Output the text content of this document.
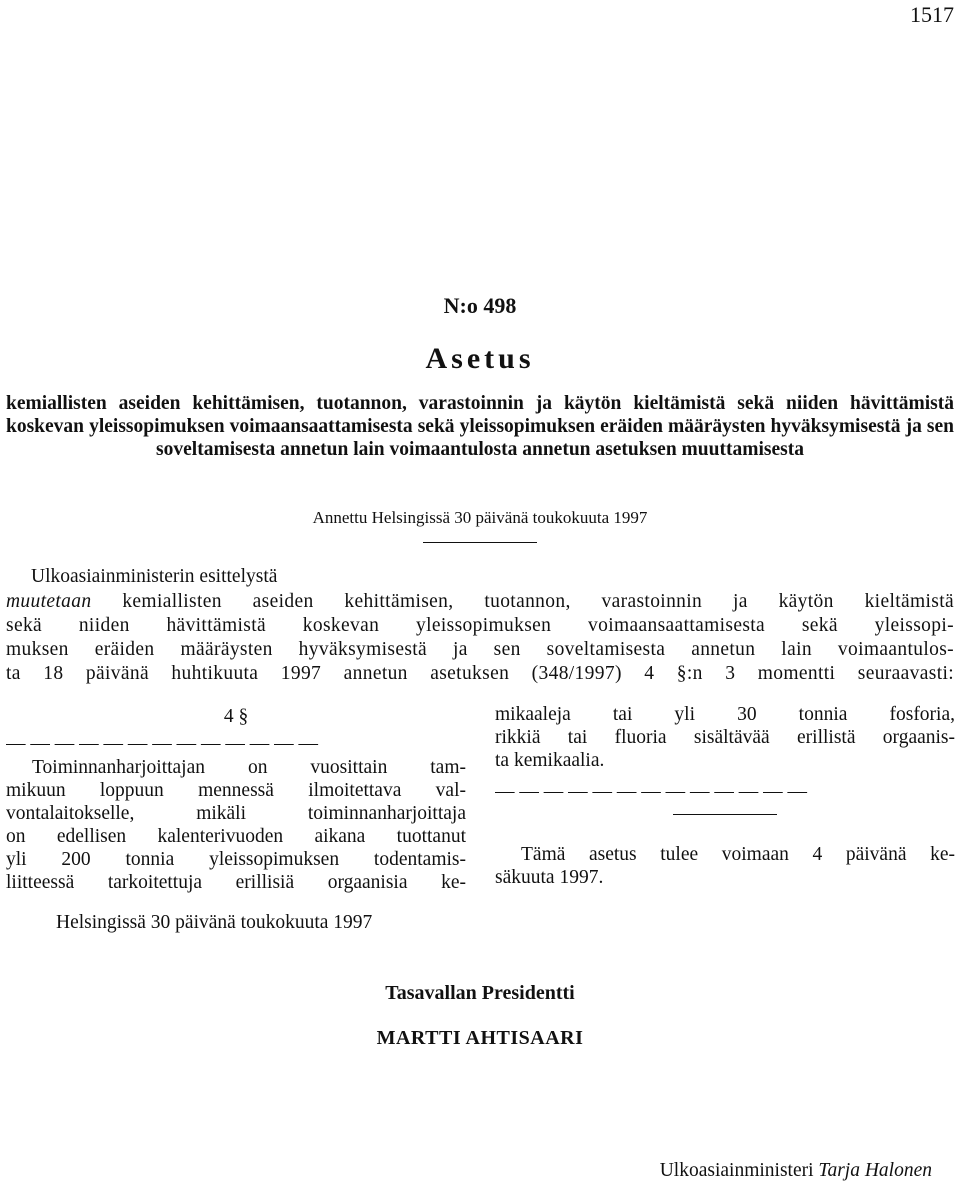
1517
N:o 498
Asetus
kemiallisten aseiden kehittämisen, tuotannon, varastoinnin ja käytön kieltämistä sekä niiden hävittämistä koskevan yleissopimuksen voimaansaattamisesta sekä yleissopimuksen eräiden määräysten hyväksymisestä ja sen soveltamisesta annetun lain voimaantulosta annetun asetuksen muuttamisesta
Annettu Helsingissä 30 päivänä toukokuuta 1997
Ulkoasiainministerin esittelystä
muutetaan kemiallisten aseiden kehittämisen, tuotannon, varastoinnin ja käytön kieltämistä
sekä niiden hävittämistä koskevan yleissopimuksen voimaansaattamisesta sekä yleissopi-
muksen eräiden määräysten hyväksymisestä ja sen soveltamisesta annetun lain voimaantulos-
ta 18 päivänä huhtikuuta 1997 annetun asetuksen (348/1997) 4 §:n 3 momentti seuraavasti:
4 §
— — — — — — — — — — — — —
Toiminnanharjoittajan on vuosittain tam-
mikuun loppuun mennessä ilmoitettava val-
vontalaitokselle, mikäli toiminnanharjoittaja
on edellisen kalenterivuoden aikana tuottanut
yli 200 tonnia yleissopimuksen todentamis-
liitteessä tarkoitettuja erillisiä orgaanisia ke-
mikaaleja tai yli 30 tonnia fosforia,
rikkiä tai fluoria sisältävää erillistä orgaanis-
ta kemikaalia.
— — — — — — — — — — — — —
Tämä asetus tulee voimaan 4 päivänä ke-
säkuuta 1997.
Helsingissä 30 päivänä toukokuuta 1997
Tasavallan Presidentti
MARTTI AHTISAARI
Ulkoasiainministeri Tarja Halonen
